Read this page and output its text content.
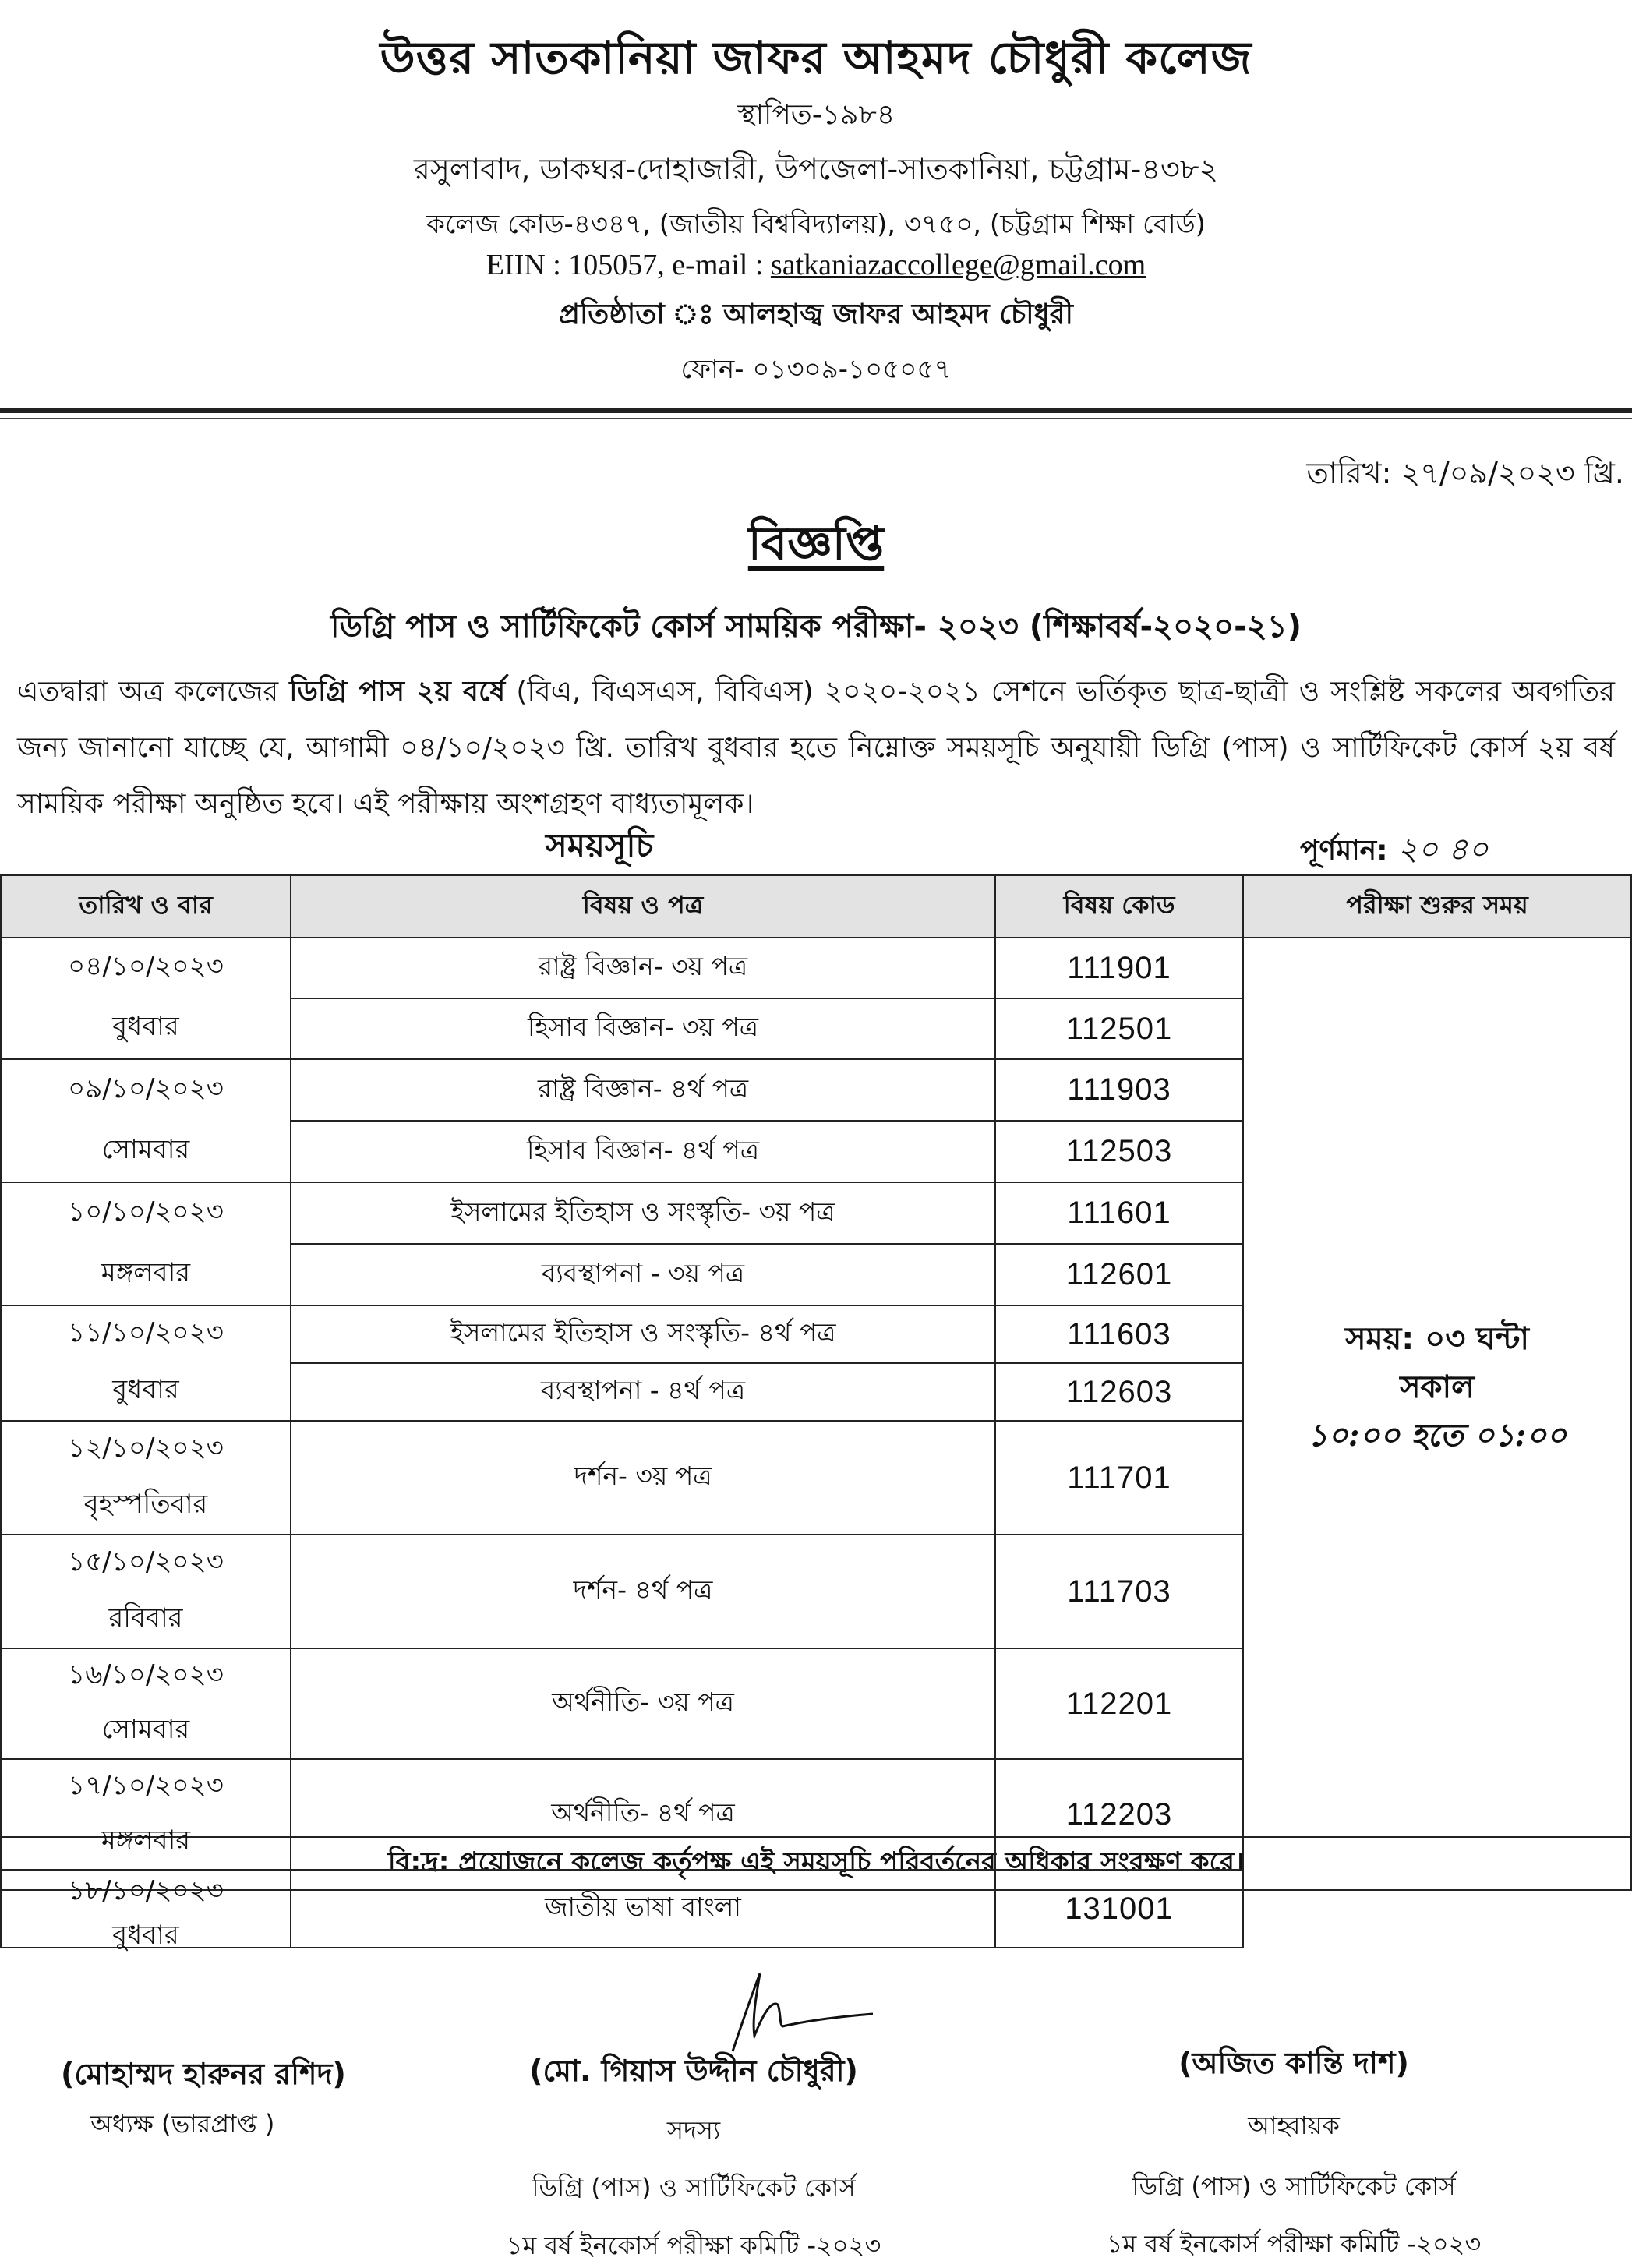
উত্তর সাতকানিয়া জাফর আহমদ চৌধুরী কলেজ
স্থাপিত-১৯৮৪
রসুলাবাদ, ডাকঘর-দোহাজারী, উপজেলা-সাতকানিয়া, চট্টগ্রাম-৪৩৮২
কলেজ কোড-৪৩৪৭, (জাতীয় বিশ্ববিদ্যালয়), ৩৭৫০, (চট্টগ্রাম শিক্ষা বোর্ড)
EIIN : 105057, e-mail : satkaniazaccollege@gmail.com
প্রতিষ্ঠাতা ঃ আলহাজ্ব জাফর আহমদ চৌধুরী
ফোন- ০১৩০৯-১০৫০৫৭
তারিখ: ২৭/০৯/২০২৩ খ্রি.
বিজ্ঞপ্তি
ডিগ্রি পাস ও সার্টিফিকেট কোর্স সাময়িক পরীক্ষা- ২০২৩ (শিক্ষাবর্ষ-২০২০-২১)
এতদ্বারা অত্র কলেজের ডিগ্রি পাস ২য় বর্ষে (বিএ, বিএসএস, বিবিএস) ২০২০-২০২১ সেশনে ভর্তিকৃত ছাত্র-ছাত্রী ও সংশ্লিষ্ট সকলের অবগতির জন্য জানানো যাচ্ছে যে, আগামী ০৪/১০/২০২৩ খ্রি. তারিখ বুধবার হতে নিম্নোক্ত সময়সূচি অনুযায়ী ডিগ্রি (পাস) ও সার্টিফিকেট কোর্স ২য় বর্ষ সাময়িক পরীক্ষা অনুষ্ঠিত হবে। এই পরীক্ষায় অংশগ্রহণ বাধ্যতামূলক।
সময়সূচি	পূর্ণমান: ২০ ৪০
তারিখ ও বার	বিষয় ও পত্র	বিষয় কোড	পরীক্ষা শুরুর সময়
সময়: ০৩ ঘন্টা
সকাল
১০:০০ হতে ০১:০০
বি:দ্র: প্রয়োজনে কলেজ কর্তৃপক্ষ এই সময়সূচি পরিবর্তনের অধিকার সংরক্ষণ করে।
০৪/১০/২০২৩
বুধবার
রাষ্ট্র বিজ্ঞান- ৩য় পত্র	111901
হিসাব বিজ্ঞান- ৩য় পত্র	112501
০৯/১০/২০২৩
সোমবার
রাষ্ট্র বিজ্ঞান- ৪র্থ পত্র	111903
হিসাব বিজ্ঞান- ৪র্থ পত্র	112503
১০/১০/২০২৩
মঙ্গলবার
ইসলামের ইতিহাস ও সংস্কৃতি- ৩য় পত্র	111601
ব্যবস্থাপনা - ৩য় পত্র	112601
১১/১০/২০২৩
বুধবার
ইসলামের ইতিহাস ও সংস্কৃতি- ৪র্থ পত্র	111603
ব্যবস্থাপনা - ৪র্থ পত্র	112603
১২/১০/২০২৩
বৃহস্পতিবার
দর্শন- ৩য় পত্র	111701
১৫/১০/২০২৩
রবিবার
দর্শন- ৪র্থ পত্র	111703
১৬/১০/২০২৩
সোমবার
অর্থনীতি- ৩য় পত্র	112201
১৭/১০/২০২৩
মঙ্গলবার
অর্থনীতি- ৪র্থ পত্র	112203
১৮/১০/২০২৩
বুধবার
জাতীয় ভাষা বাংলা	131001
(মোহাম্মদ হারুনর রশিদ)
অধ্যক্ষ (ভারপ্রাপ্ত )
(মো. গিয়াস উদ্দীন চৌধুরী)
সদস্য
ডিগ্রি (পাস) ও সার্টিফিকেট কোর্স
১ম বর্ষ ইনকোর্স পরীক্ষা কমিটি -২০২৩
(অজিত কান্তি দাশ)
আহ্বায়ক
ডিগ্রি (পাস) ও সার্টিফিকেট কোর্স
১ম বর্ষ ইনকোর্স পরীক্ষা কমিটি -২০২৩
